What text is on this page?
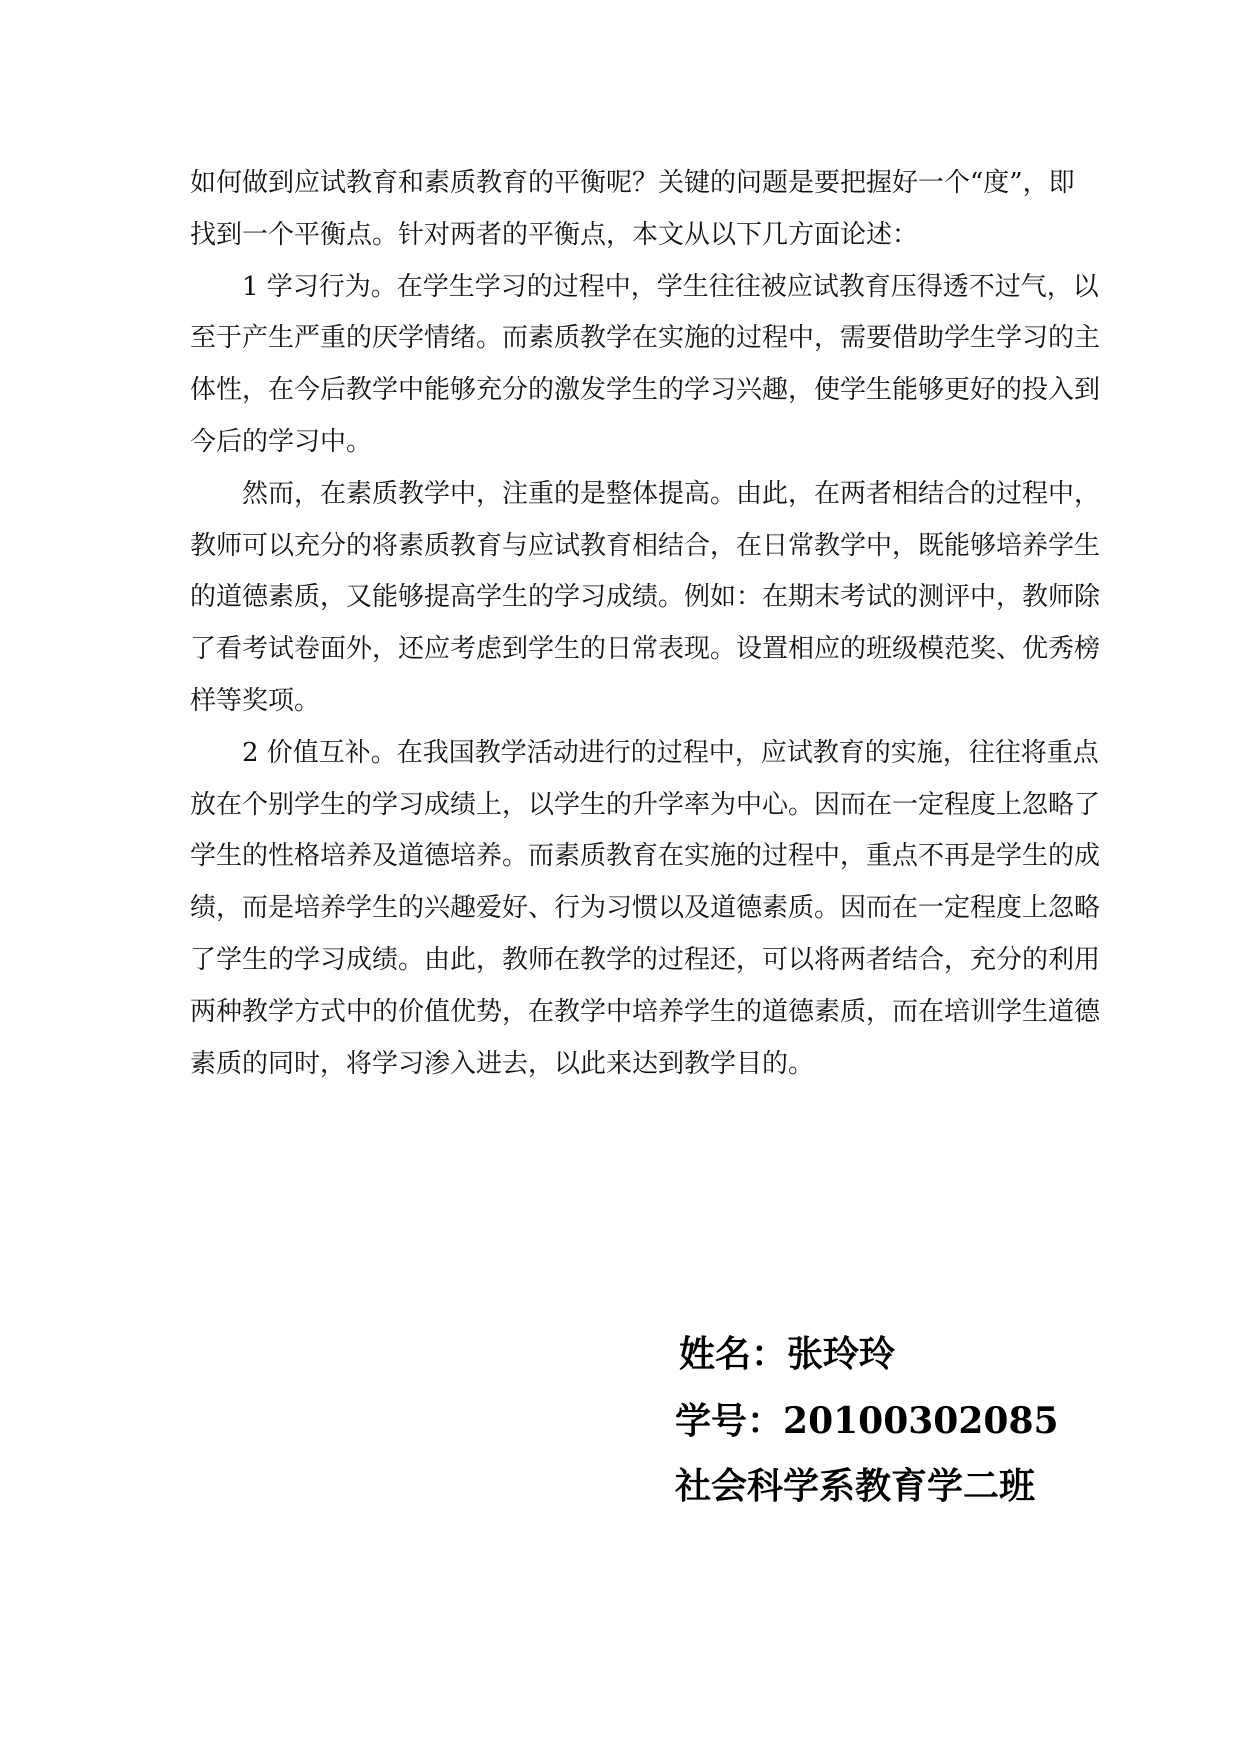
如何做到应试教育和素质教育的平衡呢？关键的问题是要把握好一个“度”，即
找到一个平衡点。针对两者的平衡点，本文从以下几方面论述：
1 学习行为。在学生学习的过程中，学生往往被应试教育压得透不过气，以
至于产生严重的厌学情绪。而素质教学在实施的过程中，需要借助学生学习的主
体性，在今后教学中能够充分的激发学生的学习兴趣，使学生能够更好的投入到
今后的学习中。
然而，在素质教学中，注重的是整体提高。由此，在两者相结合的过程中，
教师可以充分的将素质教育与应试教育相结合，在日常教学中，既能够培养学生
的道德素质，又能够提高学生的学习成绩。例如：在期末考试的测评中，教师除
了看考试卷面外，还应考虑到学生的日常表现。设置相应的班级模范奖、优秀榜
样等奖项。
2 价值互补。在我国教学活动进行的过程中，应试教育的实施，往往将重点
放在个别学生的学习成绩上，以学生的升学率为中心。因而在一定程度上忽略了
学生的性格培养及道德培养。而素质教育在实施的过程中，重点不再是学生的成
绩，而是培养学生的兴趣爱好、行为习惯以及道德素质。因而在一定程度上忽略
了学生的学习成绩。由此，教师在教学的过程还，可以将两者结合，充分的利用
两种教学方式中的价值优势，在教学中培养学生的道德素质，而在培训学生道德
素质的同时，将学习渗入进去，以此来达到教学目的。
姓名：张玲玲
学号：20100302085
社会科学系教育学二班
